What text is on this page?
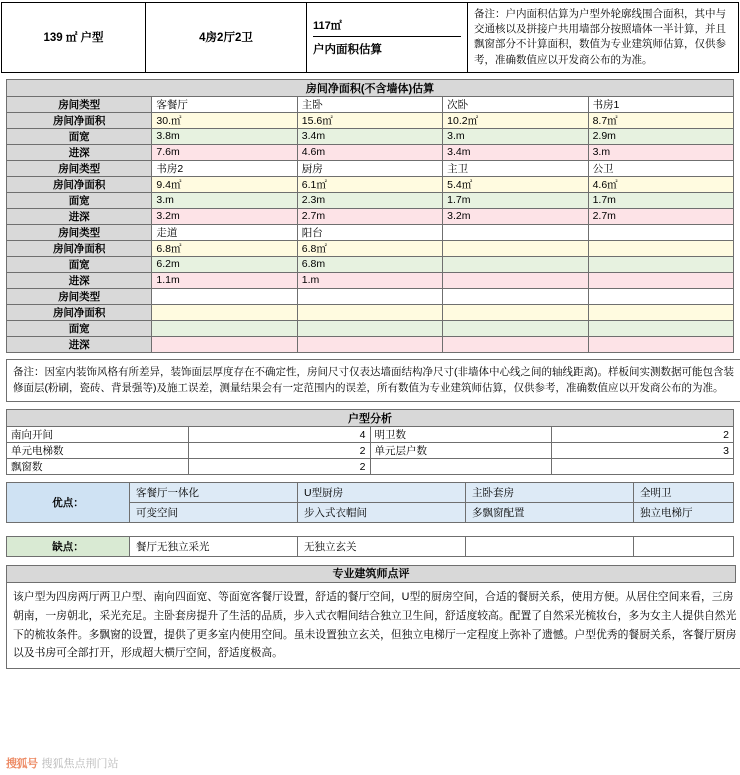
139 ㎡ 户型	4房2厅2卫	
117㎡
户内面积估算	备注：户内面积估算为户型外轮廓线围合面积，其中与交通核以及拼接户共用墙部分按照墙体一半计算，并且飘窗部分不计算面积，数值为专业建筑师估算，仅供参考，准确数值应以开发商公布的为准。
房间净面积(不含墙体)估算				
房间类型	客餐厅	主卧	次卧	书房1
房间净面积	30.㎡	15.6㎡	10.2㎡	8.7㎡
面宽	3.8m	3.4m	3.m	2.9m
进深	7.6m	4.6m	3.4m	3.m
房间类型	书房2	厨房	主卫	公卫
房间净面积	9.4㎡	6.1㎡	5.4㎡	4.6㎡
面宽	3.m	2.3m	1.7m	1.7m
进深	3.2m	2.7m	3.2m	2.7m
房间类型	走道	阳台		
房间净面积	6.8㎡	6.8㎡		
面宽	6.2m	6.8m		
进深	1.1m	1.m		
房间类型				
房间净面积				
面宽				
进深				
备注：因室内装饰风格有所差异，装饰面层厚度存在不确定性，房间尺寸仅表达墙面结构净尺寸(非墙体中心线之间的轴线距离)。样板间实测数据可能包含装修面层(粉刷，瓷砖、背景强等)及施工误差，测量结果会有一定范围内的误差，所有数值为专业建筑师估算，仅供参考，准确数值应以开发商公布的为准。
户型分析			
南向开间	4	明卫数	2
单元电梯数	2	单元层户数	3
飘窗数	2		
优点：	客餐厅一体化	U型厨房	主卧套房	全明卫
	可变空间	步入式衣帽间	多飘窗配置	独立电梯厅
缺点：	餐厅无独立采光	无独立玄关		
专业建筑师点评
该户型为四房两厅两卫户型、南向四面宽、等面宽客餐厅设置，舒适的餐厅空间，U型的厨房空间，合适的餐厨关系，使用方便。从居住空间来看，三房朝南，一房朝北，采光充足。主卧套房提升了生活的品质，步入式衣帽间结合独立卫生间，舒适度较高。配置了自然采光梳妆台，多为女主人提供自然光下的梳妆条件。多飘窗的设置，提供了更多室内使用空间。虽未设置独立玄关，但独立电梯厅一定程度上弥补了遗憾。户型优秀的餐厨关系，客餐厅厨房以及书房可全部打开，形成超大横厅空间，舒适度极高。
搜狐号 搜狐焦点荆门站
